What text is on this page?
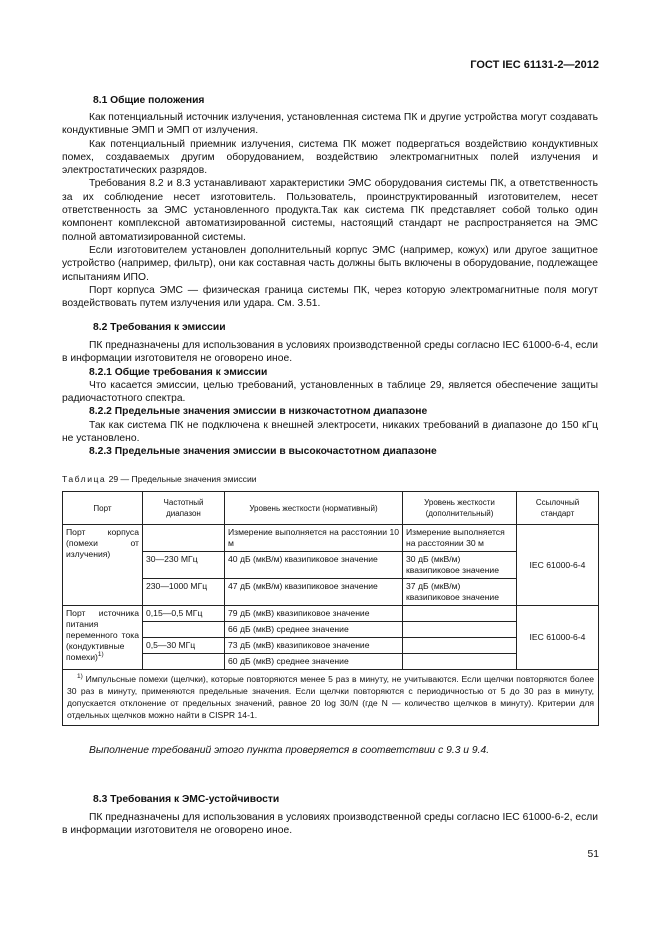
ГОСТ IEC 61131-2—2012
8.1 Общие положения

Как потенциальный источник излучения, установленная система ПК и другие устройства могут создавать кондуктивные ЭМП и ЭМП от излучения.

Как потенциальный приемник излучения, система ПК может подвергаться воздействию кондуктивных помех, создаваемых другим оборудованием, воздействию электромагнитных полей излучения и электростатических разрядов.

Требования 8.2 и 8.3 устанавливают характеристики ЭМС оборудования системы ПК, а ответственность за их соблюдение несет изготовитель. Пользователь, проинструктированный изготовителем, несет ответственность за ЭМС установленного продукта.Так как система ПК представляет собой только один компонент комплексной автоматизированной системы, настоящий стандарт не распространяется на ЭМС полной автоматизированной системы.

Если изготовителем установлен дополнительный корпус ЭМС (например, кожух) или другое защитное устройство (например, фильтр), они как составная часть должны быть включены в оборудование, подлежащее испытаниям ИПО.

Порт корпуса ЭМС — физическая граница системы ПК, через которую электромагнитные поля могут воздействовать путем излучения или удара. См. 3.51.

8.2 Требования к эмиссии

ПК предназначены для использования в условиях производственной среды согласно IEC 61000-6-4, если в информации изготовителя не оговорено иное.

8.2.1 Общие требования к эмиссии

Что касается эмиссии, целью требований, установленных в таблице 29, является обеспечение защиты радиочастотного спектра.

8.2.2 Предельные значения эмиссии в низкочастотном диапазоне

Так как система ПК не подключена к внешней электросети, никаких требований в диапазоне до 150 кГц не установлено.

8.2.3 Предельные значения эмиссии в высокочастотном диапазоне

Таблица 29 — Предельные значения эмиссии
Порт	Частотный диапазон	Уровень жесткости (нормативный)	Уровень жесткости (дополнительный)	Ссылочный стандарт
Порт корпуса (помехи от излучения)		Измерение выполняется на расстоянии 10 м	Измерение выполняется на расстоянии 30 м	IEC 61000-6-4
	30—230 МГц	40 дБ (мкВ/м) квазипиковое значение	30 дБ (мкВ/м) квазипиковое значение	
	230—1000 МГц	47 дБ (мкВ/м) квазипиковое значение	37 дБ (мкВ/м) квазипиковое значение	
Порт источника питания переменного тока (кондуктивные помехи)$^{1)}$	0,15—0,5 МГц	79 дБ (мкВ) квазипиковое значение		IEC 61000-6-4
		66 дБ (мкВ) среднее значение		
	0,5—30 МГц	73 дБ (мкВ) квазипиковое значение		
		60 дБ (мкВ) среднее значение		
$^{1)}$ Импульсные помехи (щелчки), которые повторяются менее 5 раз в минуту, не учитываются. Если щелчки повторяются более 30 раз в минуту, применяются предельные значения. Если щелчки повторяются с периодичностью от 5 до 30 раз в минуту, допускается отклонение от предельных значений, равное 20 log 30/N (где N — количество щелчков в минуту). Критерии для отдельных щелчков можно найти в CISPR 14-1.				

Выполнение требований этого пункта проверяется в соответствии с 9.3 и 9.4.

8.3 Требования к ЭМС-устойчивости

ПК предназначены для использования в условиях производственной среды согласно IEC 61000-6-2, если в информации изготовителя не оговорено иное.

51
